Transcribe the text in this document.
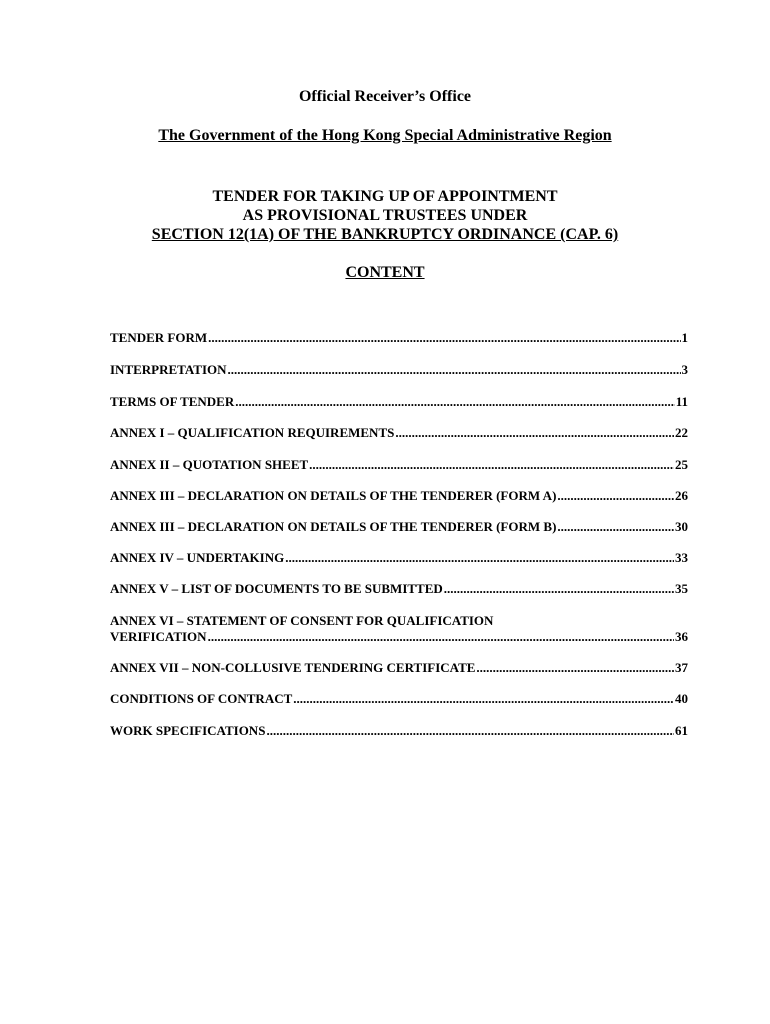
Official Receiver’s Office
The Government of the Hong Kong Special Administrative Region
TENDER FOR TAKING UP OF APPOINTMENT
AS PROVISIONAL TRUSTEES UNDER
SECTION 12(1A) OF THE BANKRUPTCY ORDINANCE (CAP. 6)
CONTENT
TENDER FORM .....	1
INTERPRETATION .....	3
TERMS OF TENDER .....	11
ANNEX I – QUALIFICATION REQUIREMENTS .....	22
ANNEX II – QUOTATION SHEET .....	25
ANNEX III – DECLARATION ON DETAILS OF THE TENDERER (FORM A) .....	26
ANNEX III – DECLARATION ON DETAILS OF THE TENDERER (FORM B) .....	30
ANNEX IV – UNDERTAKING .....	33
ANNEX V – LIST OF DOCUMENTS TO BE SUBMITTED .....	35
ANNEX VI – STATEMENT OF CONSENT FOR QUALIFICATION
VERIFICATION .....	36
ANNEX VII – NON-COLLUSIVE TENDERING CERTIFICATE .....	37
CONDITIONS OF CONTRACT .....	40
WORK SPECIFICATIONS .....	61
